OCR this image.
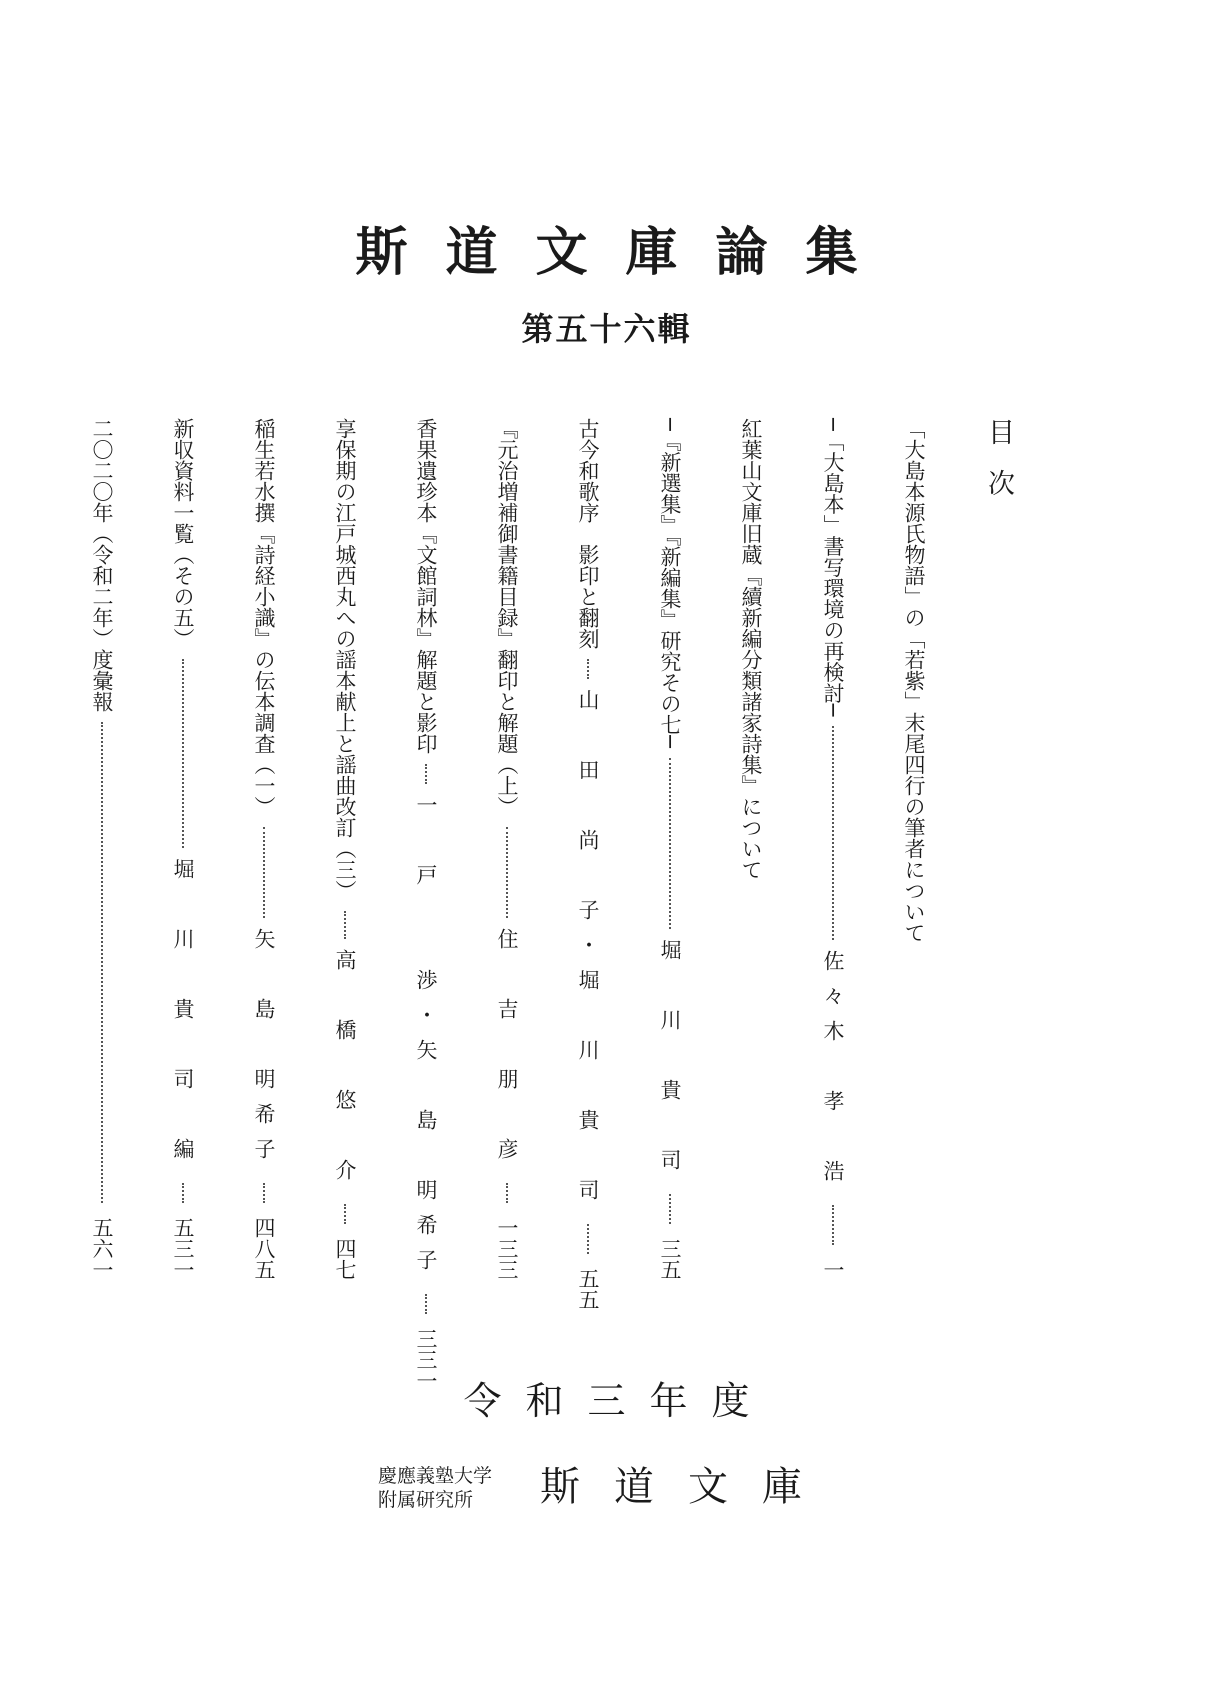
斯道文庫論集
第五十六輯
目次
「大島本源氏物語」の「若紫」末尾四行の筆者について
─「大島本」書写環境の再検討─
佐々木　孝　浩
一
紅葉山文庫旧蔵『續新編分類諸家詩集』について
─『新選集』『新編集』研究その七─
堀　川　貴　司
三五
古今和歌序　影印と翻刻
山　田　尚　子・堀　川　貴　司
五五
『元治増補御書籍目録』翻印と解題（上）
住　吉　朋　彦
一三三
香果遺珍本『文館詞林』解題と影印
一　戸　　渉・矢　島　明希子
三三一
享保期の江戸城西丸への謡本献上と謡曲改訂（三）
高　橋　悠　介
四七
稲生若水撰『詩経小識』の伝本調査（一）
矢　島　明希子
四八五
新収資料一覧（その五）
堀　川　貴　司　編
五三一
二〇二〇年（令和二年）度彙報
五六一
令和三年度
慶應義塾大学
附属研究所	斯道文庫
